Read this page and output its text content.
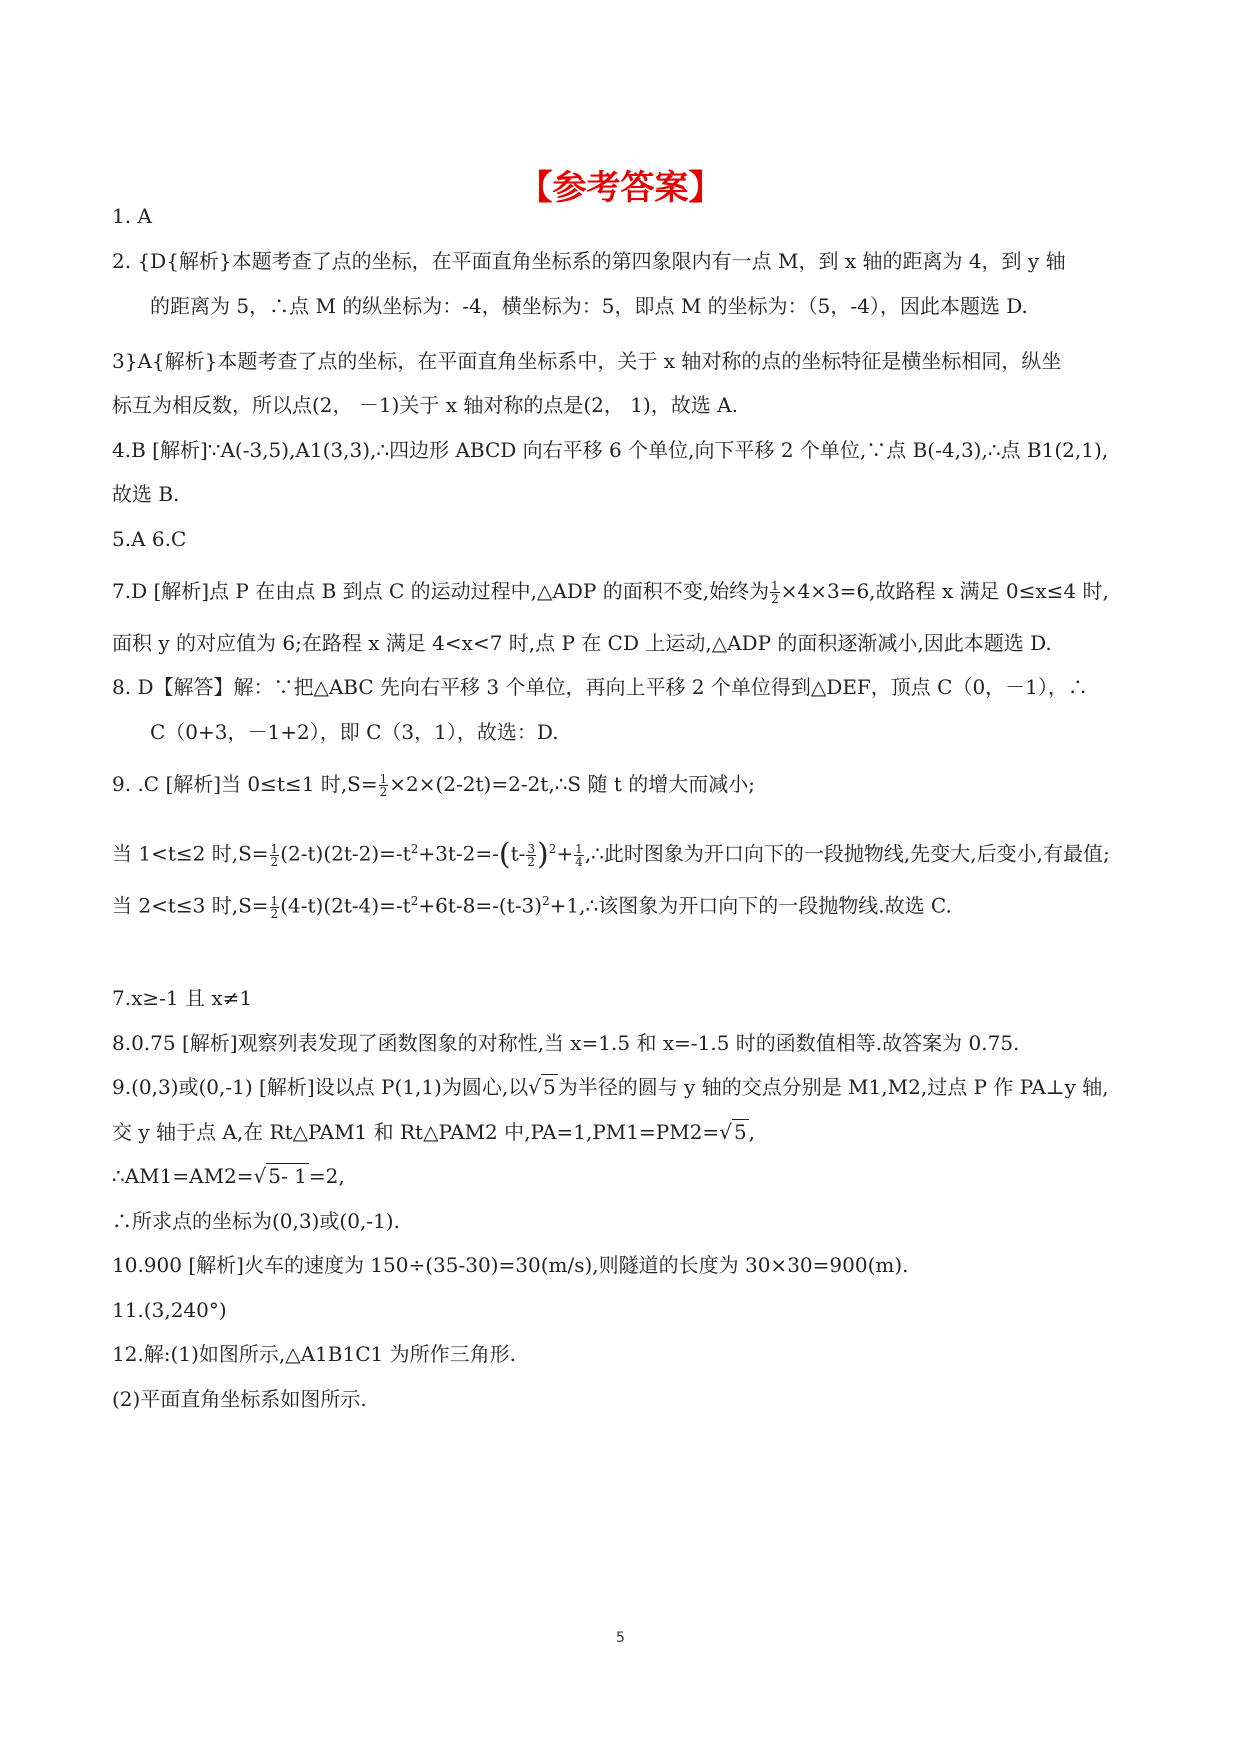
【参考答案】
1. A
2. {D{解析}本题考查了点的坐标，在平面直角坐标系的第四象限内有一点 M，到 x 轴的距离为 4，到 y 轴
的距离为 5，∴点 M 的纵坐标为：-4，横坐标为：5，即点 M 的坐标为：（5，-4），因此本题选 D.
3}A{解析}本题考查了点的坐标，在平面直角坐标系中，关于 x 轴对称的点的坐标特征是横坐标相同，纵坐
标互为相反数，所以点(2， －1)关于 x 轴对称的点是(2， 1)，故选 A.
4.B [解析]∵A(-3,5),A1(3,3),∴四边形 ABCD 向右平移 6 个单位,向下平移 2 个单位,∵点 B(-4,3),∴点 B1(2,1),
故选 B.
5.A 6.C
7.D [解析]点 P 在由点 B 到点 C 的运动过程中,△ADP 的面积不变,始终为 $\frac{1}{2} \times 4\times 3=6$,故路程 x 满足 0≤x≤4 时,
面积 y 的对应值为 6;在路程 x 满足 4<x<7 时,点 P 在 CD 上运动,△ADP 的面积逐渐减小,因此本题选 D.
8. D【解答】解：∵把△ABC 先向右平移 3 个单位，再向上平移 2 个单位得到△DEF，顶点 C（0，－1），∴
C（0+3，－1+2），即 C（3，1），故选：D.
9. .C [解析]当 0≤t≤1 时$,S= \frac{1}{2}$ ×2×(2-2t)=2-2t,∴S 随 t 的增大而减小;
当 1<t≤2 时$,S= \frac{1}{2} (2-t)(2t-2)=-t^2+3t-2=-(t- \frac{3}{2} )^2+ \frac{1}{4}$ ,∴此时图象为开口向下的一段抛物线,先变大,后变小,有最值;
当 2<t≤3 时$,S= \frac{1}{2}$ $(4-t)(2t-4)=-t^2+6t-8=-(t-3)^2+1,\therefore$该图象为开口向下的一段抛物线.故选 C.
7.x≥-1 且 x≠1
8.0.75 [解析]观察列表发现了函数图象的对称性,当 x=1.5 和 x=-1.5 时的函数值相等.故答案为 0.75.
9.(0,3)或(0,-1) [解析]设以点 P(1,1)为圆心,以√ 5 为半径的圆与 y 轴的交点分别是 M1,M2,过点 P 作 PA⊥y 轴,
交 y 轴于点 A,在 Rt△PAM1 和 Rt△PAM2 中,PA=1,PM1=PM2=√ 5 ,
∴AM1=AM2=√ 5- 1 =2,
∴所求点的坐标为(0,3)或(0,-1).
10.900 [解析]火车的速度为 150÷(35-30)=30(m/s),则隧道的长度为 30×30=900(m).
11.(3,240°)
12.解:(1)如图所示,△A1B1C1 为所作三角形.
(2)平面直角坐标系如图所示.
5
